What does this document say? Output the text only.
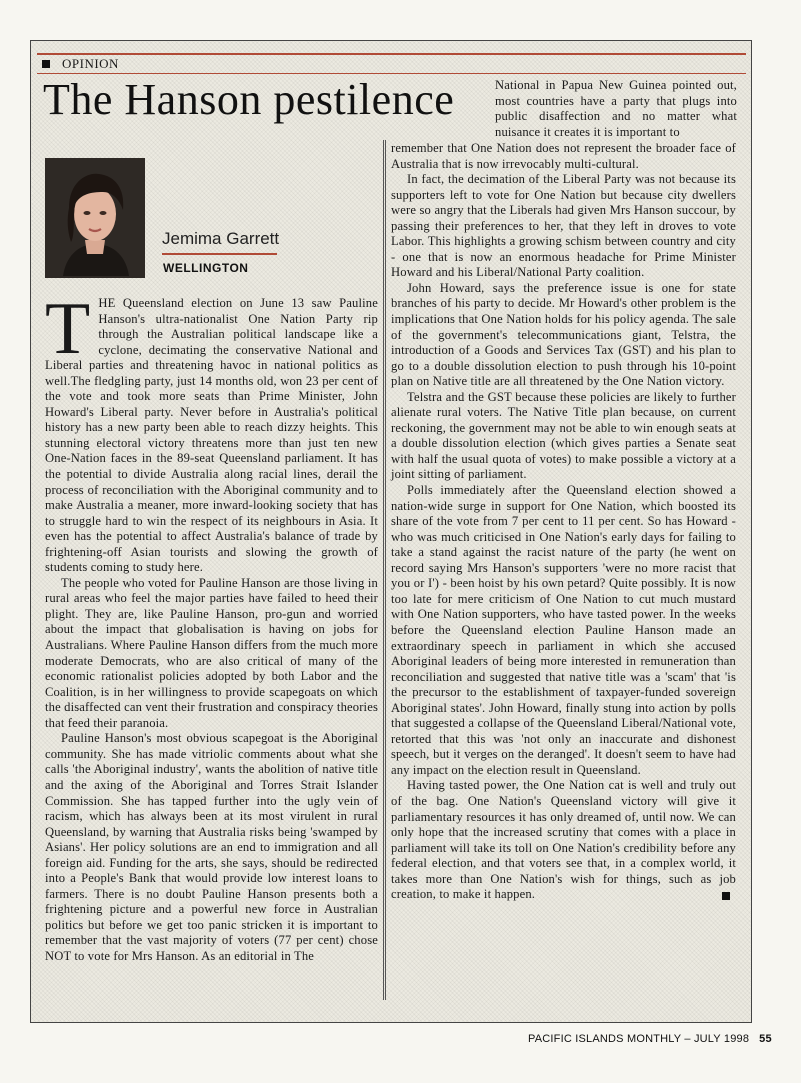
OPINION
The Hanson pestilence
Jemima Garrett
WELLINGTON

THE Queensland election on June 13 saw Pauline Hanson's ultra-nationalist One Nation Party rip through the Australian political landscape like a cyclone, decimating the conservative National and Liberal parties and threatening havoc in national politics as well.The fledgling party, just 14 months old, won 23 per cent of the vote and took more seats than Prime Minister, John Howard's Liberal party. Never before in Australia's political history has a new party been able to reach dizzy heights. This stunning electoral victory threatens more than just ten new One-Nation faces in the 89-seat Queensland parliament. It has the potential to divide Australia along racial lines, derail the process of reconciliation with the Aboriginal community and to make Australia a meaner, more inward-looking society that has to struggle hard to win the respect of its neighbours in Asia. It even has the potential to affect Australia's balance of trade by frightening-off Asian tourists and slowing the growth of students coming to study here.

The people who voted for Pauline Hanson are those living in rural areas who feel the major parties have failed to heed their plight. They are, like Pauline Hanson, pro-gun and worried about the impact that globalisation is having on jobs for Australians. Where Pauline Hanson differs from the much more moderate Democrats, who are also critical of many of the economic rationalist policies adopted by both Labor and the Coalition, is in her willingness to provide scapegoats on which the disaffected can vent their frustration and conspiracy theories that feed their paranoia.

Pauline Hanson's most obvious scapegoat is the Aboriginal community. She has made vitriolic comments about what she calls 'the Aboriginal industry', wants the abolition of native title and the axing of the Aboriginal and Torres Strait Islander Commission. She has tapped further into the ugly vein of racism, which has always been at its most virulent in rural Queensland, by warning that Australia risks being 'swamped by Asians'. Her policy solutions are an end to immigration and all foreign aid. Funding for the arts, she says, should be redirected into a People's Bank that would provide low interest loans to farmers. There is no doubt Pauline Hanson presents both a frightening picture and a powerful new force in Australian politics but before we get too panic stricken it is important to remember that the vast majority of voters (77 per cent) chose NOT to vote for Mrs Hanson. As an editorial in The

National in Papua New Guinea pointed out, most countries have a party that plugs into public disaffection and no matter what nuisance it creates it is important to

remember that One Nation does not represent the broader face of Australia that is now irrevocably multi-cultural.

In fact, the decimation of the Liberal Party was not because its supporters left to vote for One Nation but because city dwellers were so angry that the Liberals had given Mrs Hanson succour, by passing their preferences to her, that they left in droves to vote Labor. This highlights a growing schism between country and city - one that is now an enormous headache for Prime Minister Howard and his Liberal/National Party coalition.

John Howard, says the preference issue is one for state branches of his party to decide. Mr Howard's other problem is the implications that One Nation holds for his policy agenda. The sale of the government's telecommunications giant, Telstra, the introduction of a Goods and Services Tax (GST) and his plan to go to a double dissolution election to push through his 10-point plan on Native title are all threatened by the One Nation victory.

Telstra and the GST because these policies are likely to further alienate rural voters. The Native Title plan because, on current reckoning, the government may not be able to win enough seats at a double dissolution election (which gives parties a Senate seat with half the usual quota of votes) to make possible a victory at a joint sitting of parliament.

Polls immediately after the Queensland election showed a nation-wide surge in support for One Nation, which boosted its share of the vote from 7 per cent to 11 per cent. So has Howard - who was much criticised in One Nation's early days for failing to take a stand against the racist nature of the party (he went on record saying Mrs Hanson's supporters 'were no more racist that you or I') - been hoist by his own petard? Quite possibly. It is now too late for mere criticism of One Nation to cut much mustard with One Nation supporters, who have tasted power. In the weeks before the Queensland election Pauline Hanson made an extraordinary speech in parliament in which she accused Aboriginal leaders of being more interested in remuneration than reconciliation and suggested that native title was a 'scam' that 'is the precursor to the establishment of taxpayer-funded sovereign Aboriginal states'. John Howard, finally stung into action by polls that suggested a collapse of the Queensland Liberal/National vote, retorted that this was 'not only an inaccurate and dishonest speech, but it verges on the deranged'. It doesn't seem to have had any impact on the election result in Queensland.

Having tasted power, the One Nation cat is well and truly out of the bag. One Nation's Queensland victory will give it parliamentary resources it has only dreamed of, until now. We can only hope that the increased scrutiny that comes with a place in parliament will take its toll on One Nation's credibility before any federal election, and that voters see that, in a complex world, it takes more than One Nation's wish for things, such as job creation, to make it happen.

PACIFIC ISLANDS MONTHLY – JULY 1998 55
